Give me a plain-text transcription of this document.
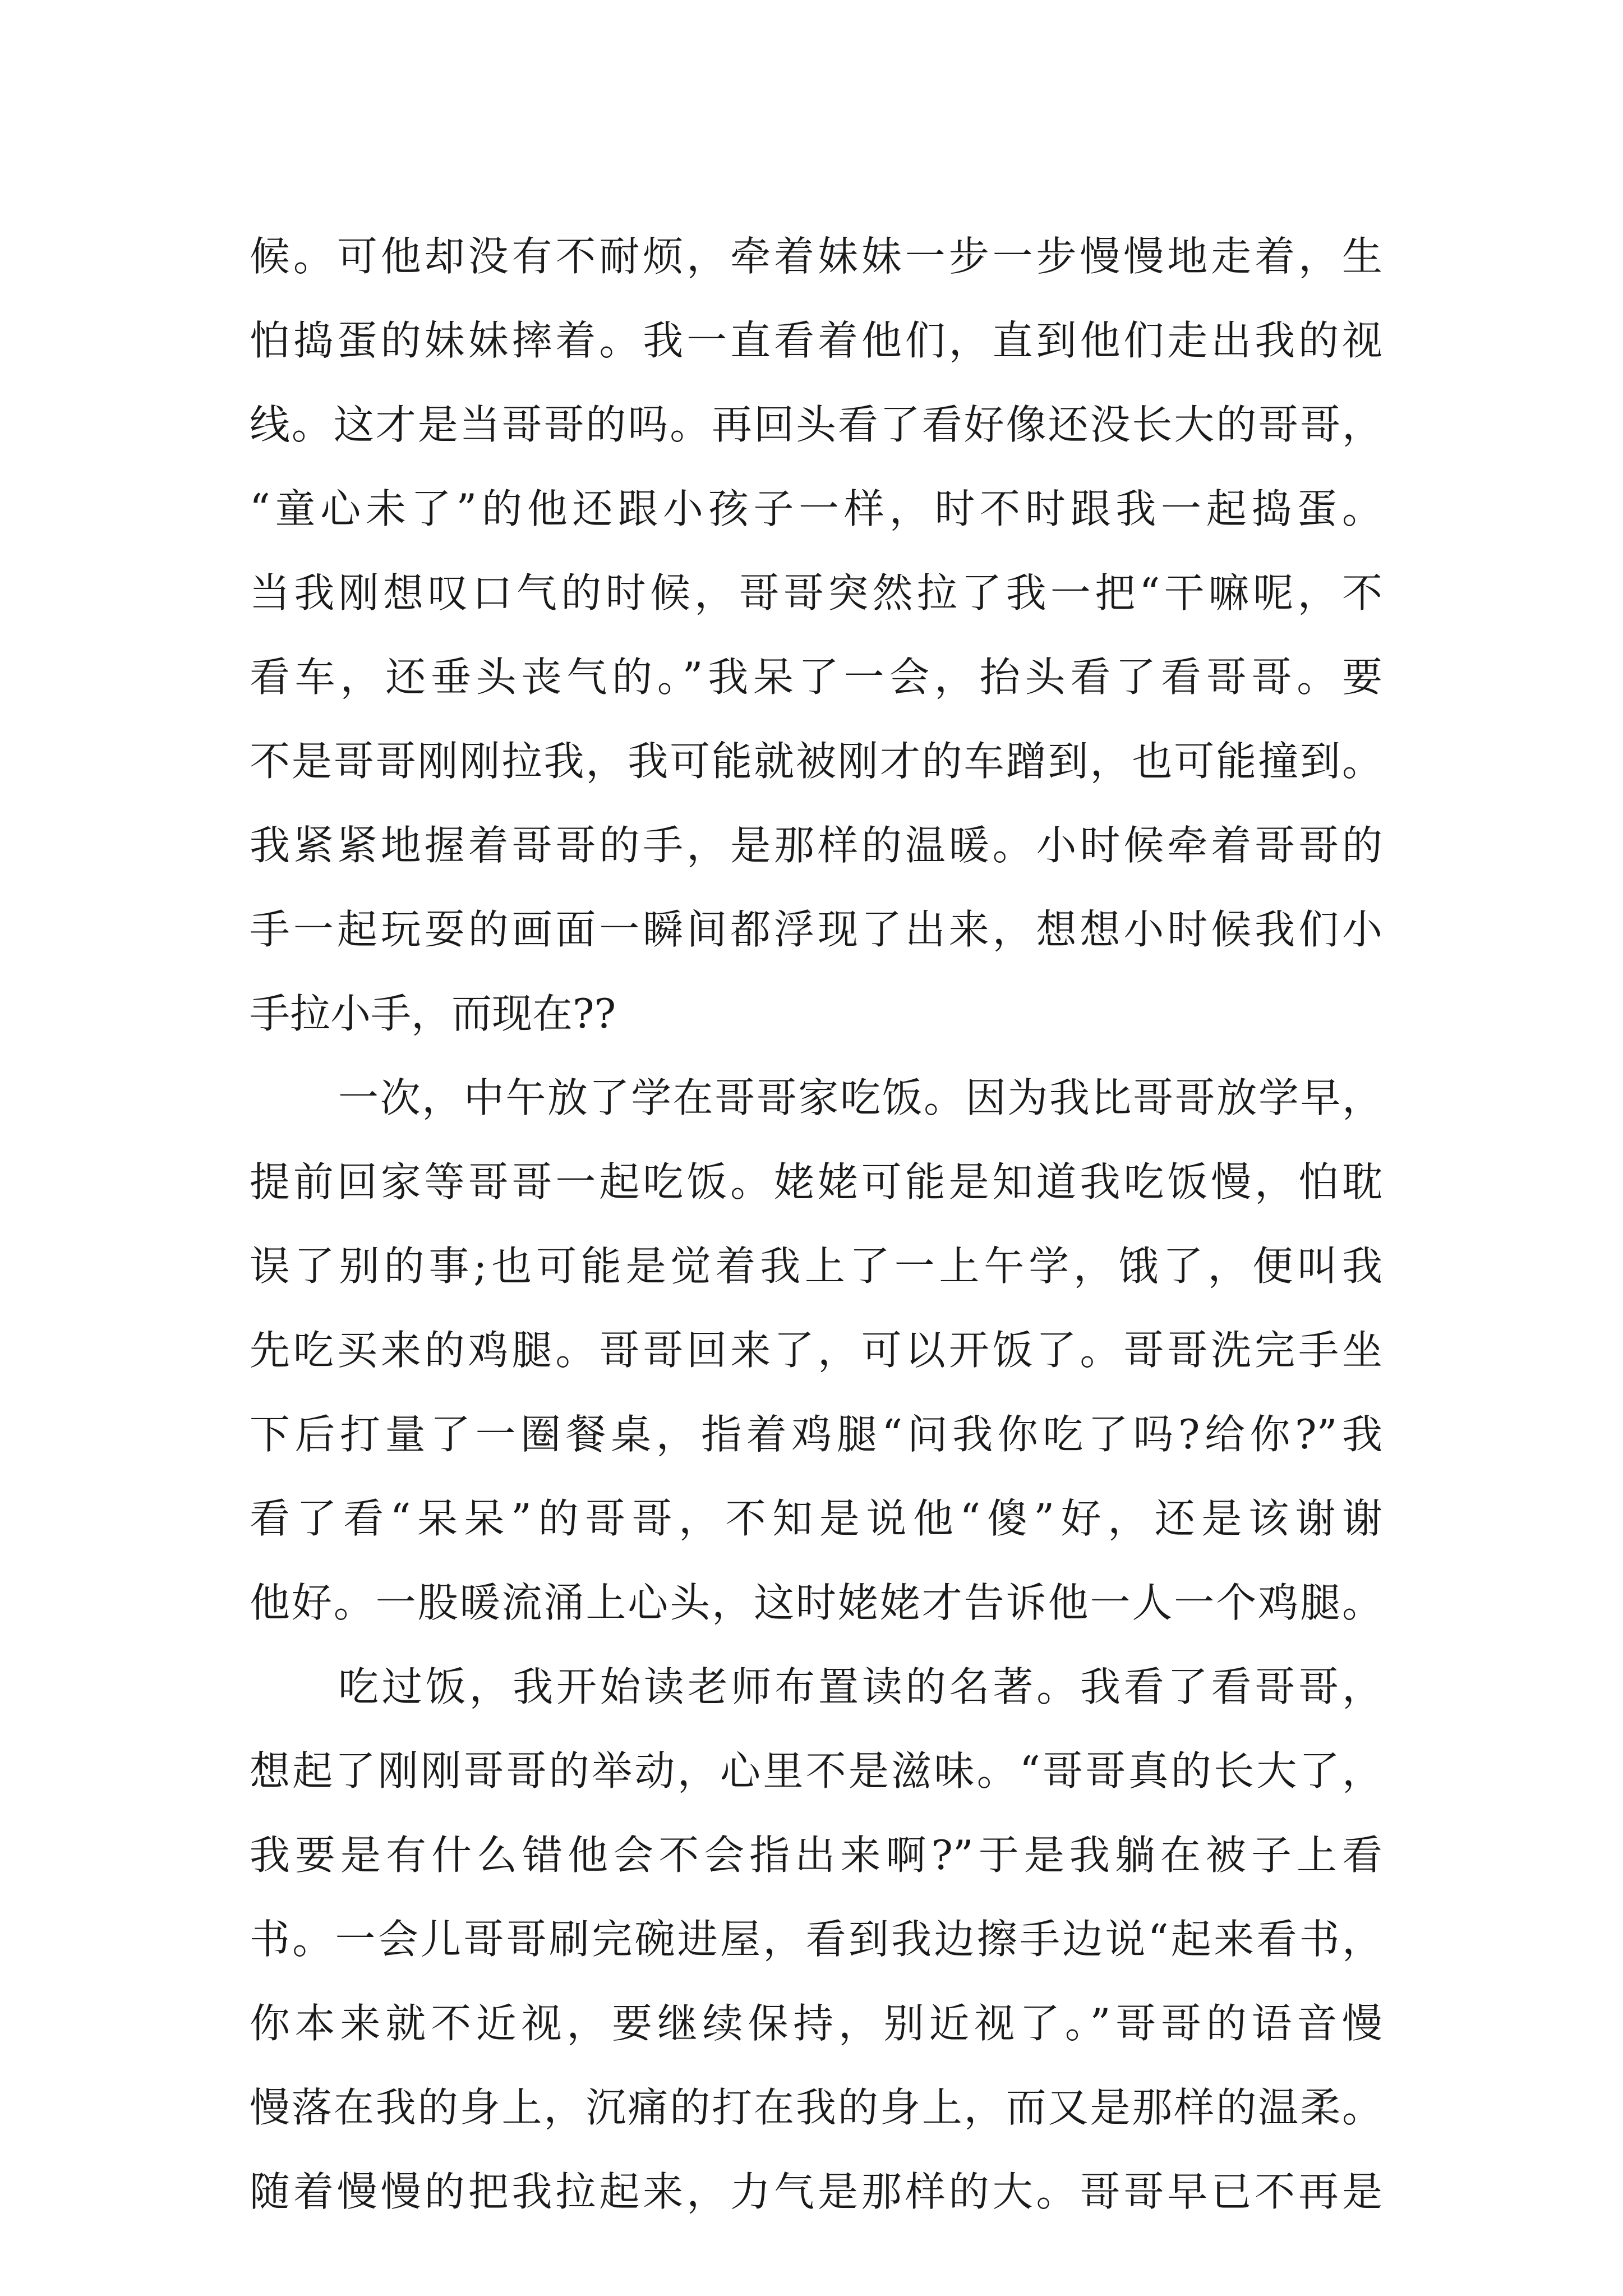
候。可他却没有不耐烦，牵着妹妹一步一步慢慢地走着，生
怕捣蛋的妹妹摔着。我一直看着他们，直到他们走出我的视
线。这才是当哥哥的吗。再回头看了看好像还没长大的哥哥，
“童心未了”的他还跟小孩子一样，时不时跟我一起捣蛋。
当我刚想叹口气的时候，哥哥突然拉了我一把“干嘛呢，不
看车，还垂头丧气的。”我呆了一会，抬头看了看哥哥。要
不是哥哥刚刚拉我，我可能就被刚才的车蹭到，也可能撞到。
我紧紧地握着哥哥的手，是那样的温暖。小时候牵着哥哥的
手一起玩耍的画面一瞬间都浮现了出来，想想小时候我们小
手拉小手，而现在??
一次，中午放了学在哥哥家吃饭。因为我比哥哥放学早，
提前回家等哥哥一起吃饭。姥姥可能是知道我吃饭慢，怕耽
误了别的事;也可能是觉着我上了一上午学，饿了，便叫我
先吃买来的鸡腿。哥哥回来了，可以开饭了。哥哥洗完手坐
下后打量了一圈餐桌，指着鸡腿“问我你吃了吗?给你?”我
看了看“呆呆”的哥哥，不知是说他“傻”好，还是该谢谢
他好。一股暖流涌上心头，这时姥姥才告诉他一人一个鸡腿。
吃过饭，我开始读老师布置读的名著。我看了看哥哥，
想起了刚刚哥哥的举动，心里不是滋味。“哥哥真的长大了，
我要是有什么错他会不会指出来啊?”于是我躺在被子上看
书。一会儿哥哥刷完碗进屋，看到我边擦手边说“起来看书，
你本来就不近视，要继续保持，别近视了。”哥哥的语音慢
慢落在我的身上，沉痛的打在我的身上，而又是那样的温柔。
随着慢慢的把我拉起来，力气是那样的大。哥哥早已不再是
